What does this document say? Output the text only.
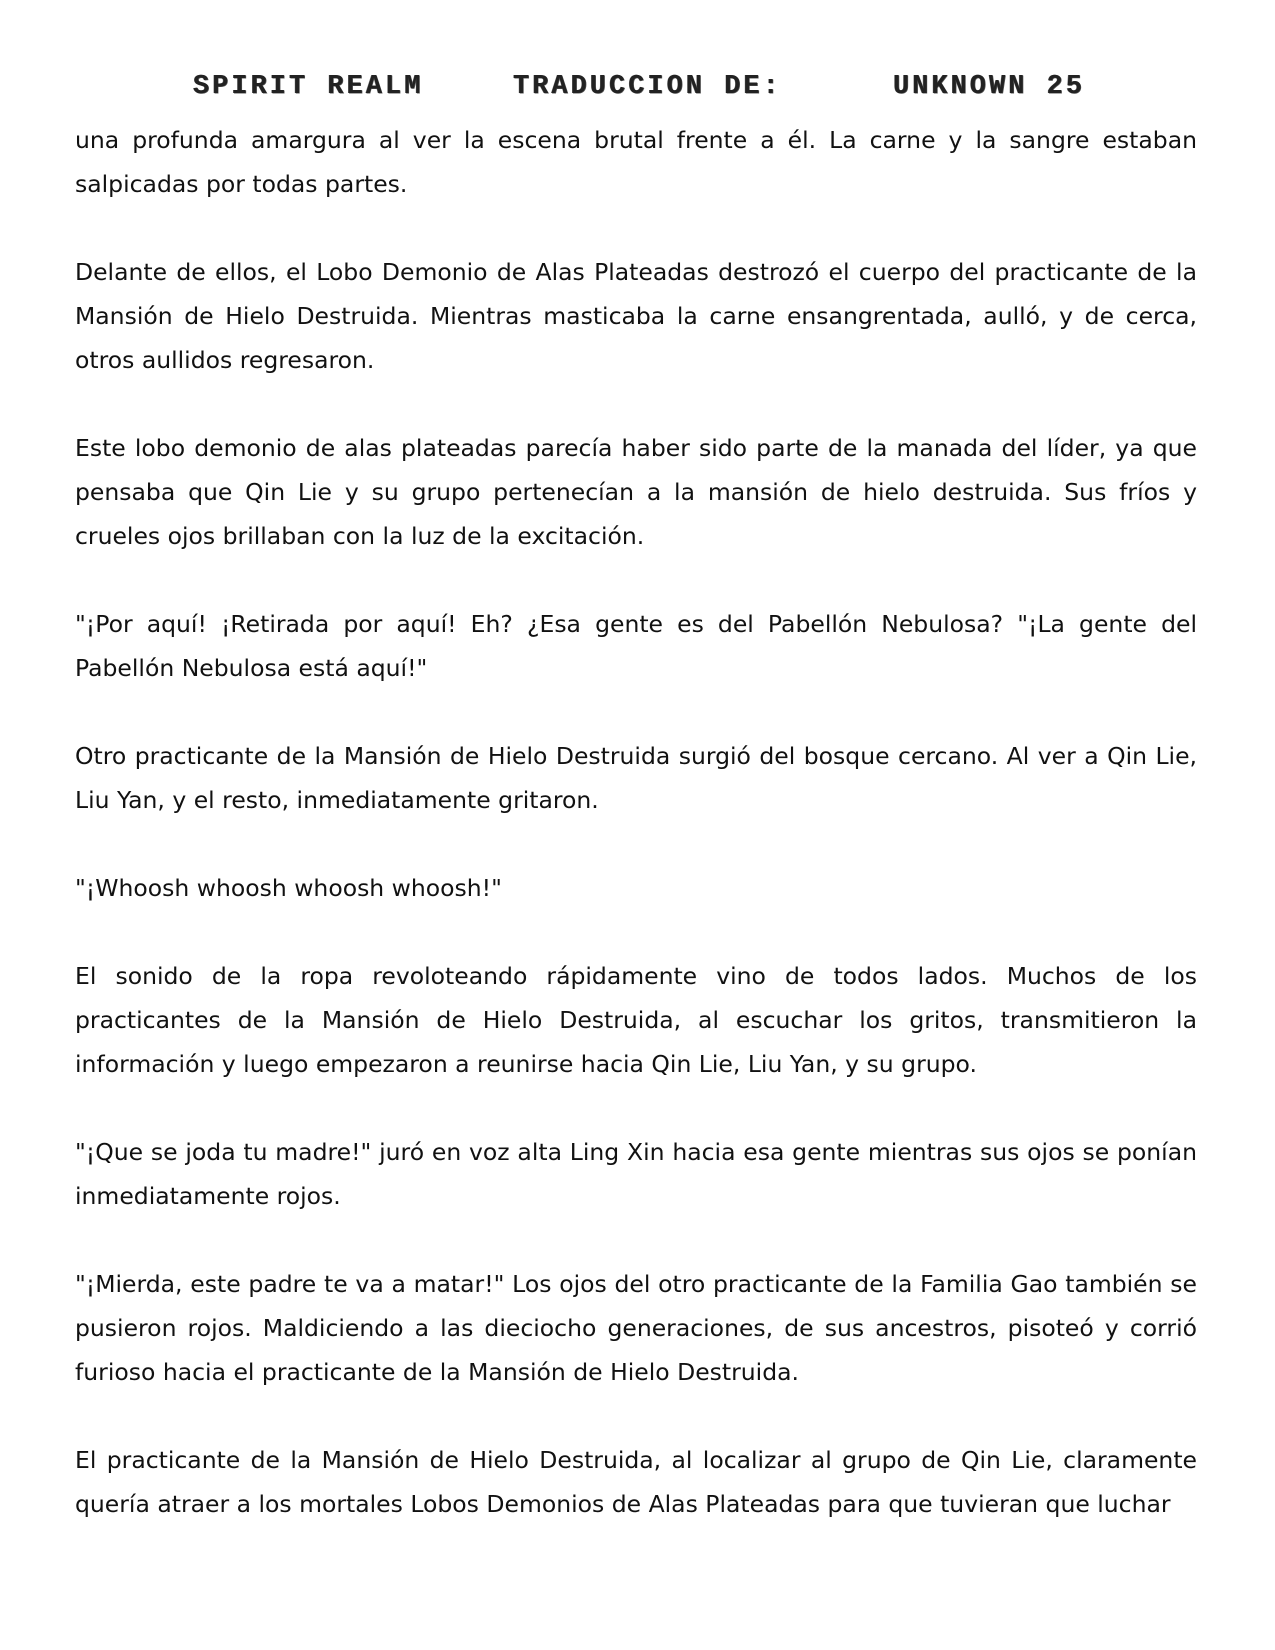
SPIRIT REALM	TRADUCCION DE:	UNKNOWN 25

una profunda amargura al ver la escena brutal frente a él. La carne y la sangre estaban salpicadas por todas partes.

Delante de ellos, el Lobo Demonio de Alas Plateadas destrozó el cuerpo del practicante de la Mansión de Hielo Destruida. Mientras masticaba la carne ensangrentada, aulló, y de cerca, otros aullidos regresaron.

Este lobo demonio de alas plateadas parecía haber sido parte de la manada del líder, ya que pensaba que Qin Lie y su grupo pertenecían a la mansión de hielo destruida. Sus fríos y crueles ojos brillaban con la luz de la excitación.

"¡Por aquí! ¡Retirada por aquí! Eh? ¿Esa gente es del Pabellón Nebulosa? "¡La gente del Pabellón Nebulosa está aquí!"

Otro practicante de la Mansión de Hielo Destruida surgió del bosque cercano. Al ver a Qin Lie, Liu Yan, y el resto, inmediatamente gritaron.

"¡Whoosh whoosh whoosh whoosh!"

El sonido de la ropa revoloteando rápidamente vino de todos lados. Muchos de los practicantes de la Mansión de Hielo Destruida, al escuchar los gritos, transmitieron la información y luego empezaron a reunirse hacia Qin Lie, Liu Yan, y su grupo.

"¡Que se joda tu madre!" juró en voz alta Ling Xin hacia esa gente mientras sus ojos se ponían inmediatamente rojos.

"¡Mierda, este padre te va a matar!" Los ojos del otro practicante de la Familia Gao también se pusieron rojos. Maldiciendo a las dieciocho generaciones, de sus ancestros, pisoteó y corrió furioso hacia el practicante de la Mansión de Hielo Destruida.

El practicante de la Mansión de Hielo Destruida, al localizar al grupo de Qin Lie, claramente quería atraer a los mortales Lobos Demonios de Alas Plateadas para que tuvieran que luchar
